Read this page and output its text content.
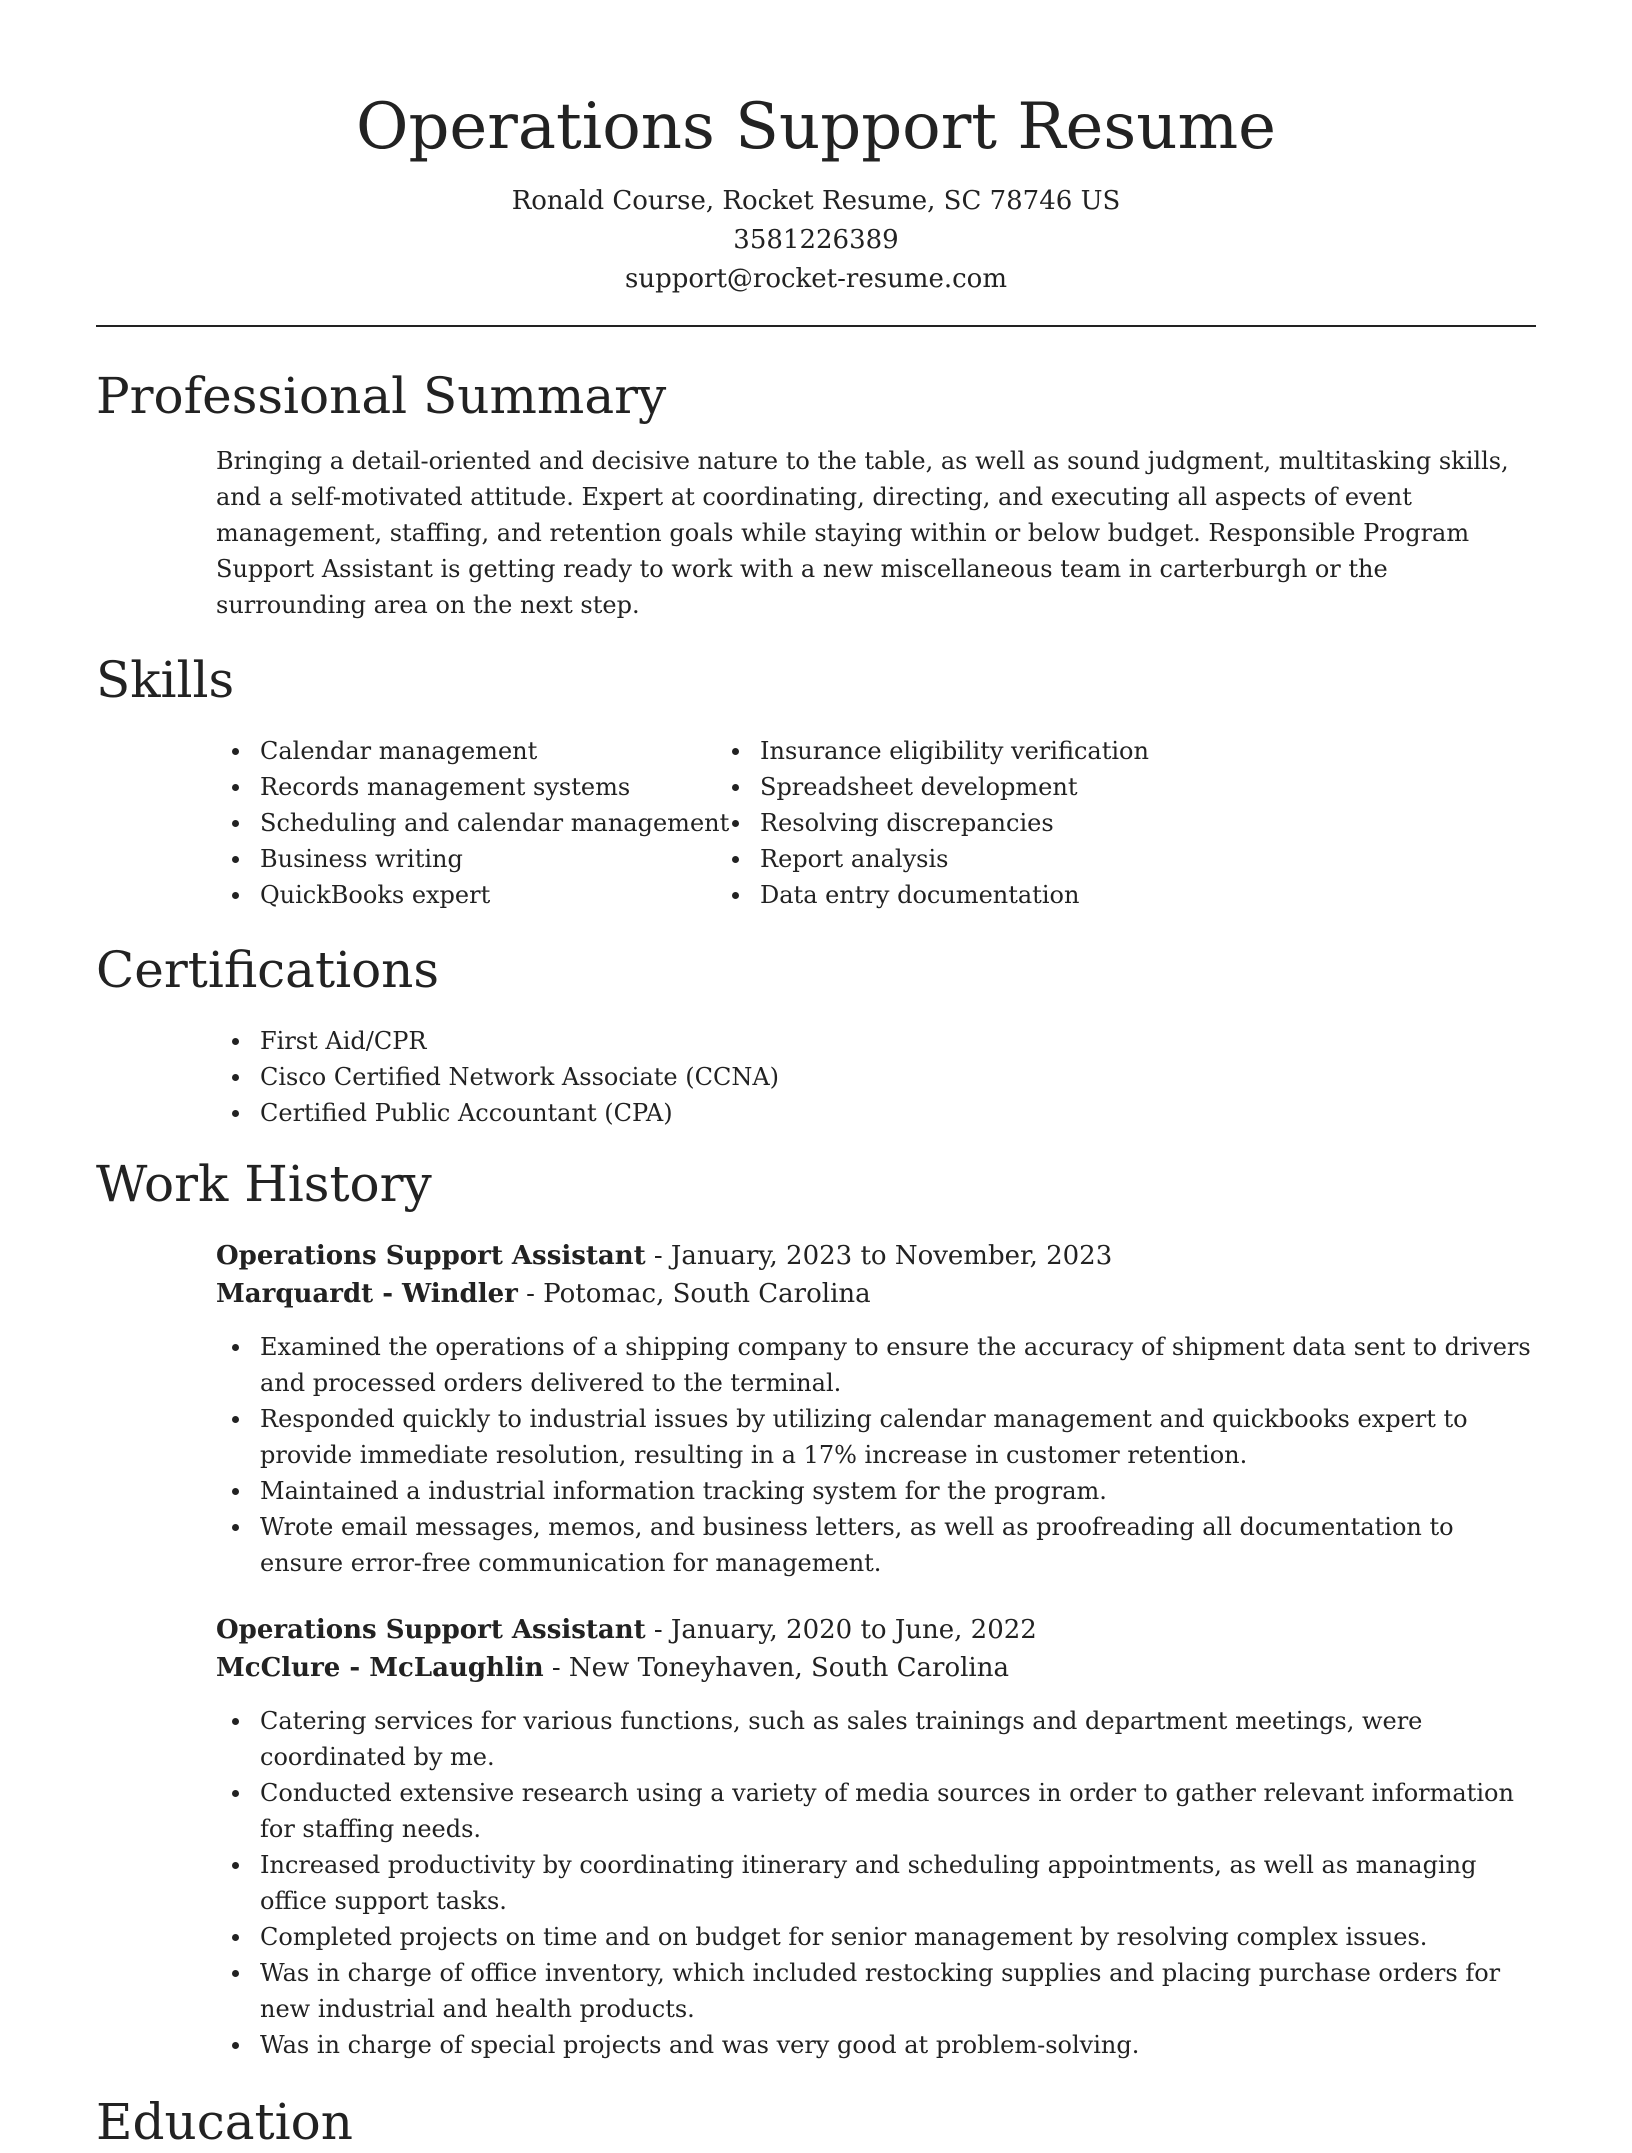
Operations Support Resume
Ronald Course, Rocket Resume, SC 78746 US
3581226389
support@rocket-resume.com
Professional Summary

Bringing a detail-oriented and decisive nature to the table, as well as sound judgment, multitasking skills, and a self-motivated attitude. Expert at coordinating, directing, and executing all aspects of event management, staffing, and retention goals while staying within or below budget. Responsible Program Support Assistant is getting ready to work with a new miscellaneous team in carterburgh or the surrounding area on the next step.

Skills
Calendar management
Records management systems
Scheduling and calendar management
Business writing
QuickBooks expert
Insurance eligibility verification
Spreadsheet development
Resolving discrepancies
Report analysis
Data entry documentation
Certifications
First Aid/CPR
Cisco Certified Network Associate (CCNA)
Certified Public Accountant (CPA)
Work History
Operations Support Assistant - January, 2023 to November, 2023
Marquardt - Windler - Potomac, South Carolina
Examined the operations of a shipping company to ensure the accuracy of shipment data sent to drivers and processed orders delivered to the terminal.
Responded quickly to industrial issues by utilizing calendar management and quickbooks expert to provide immediate resolution, resulting in a 17% increase in customer retention.
Maintained a industrial information tracking system for the program.
Wrote email messages, memos, and business letters, as well as proofreading all documentation to ensure error-free communication for management.
Operations Support Assistant - January, 2020 to June, 2022
McClure - McLaughlin - New Toneyhaven, South Carolina
Catering services for various functions, such as sales trainings and department meetings, were coordinated by me.
Conducted extensive research using a variety of media sources in order to gather relevant information for staffing needs.
Increased productivity by coordinating itinerary and scheduling appointments, as well as managing office support tasks.
Completed projects on time and on budget for senior management by resolving complex issues.
Was in charge of office inventory, which included restocking supplies and placing purchase orders for new industrial and health products.
Was in charge of special projects and was very good at problem-solving.
Education
